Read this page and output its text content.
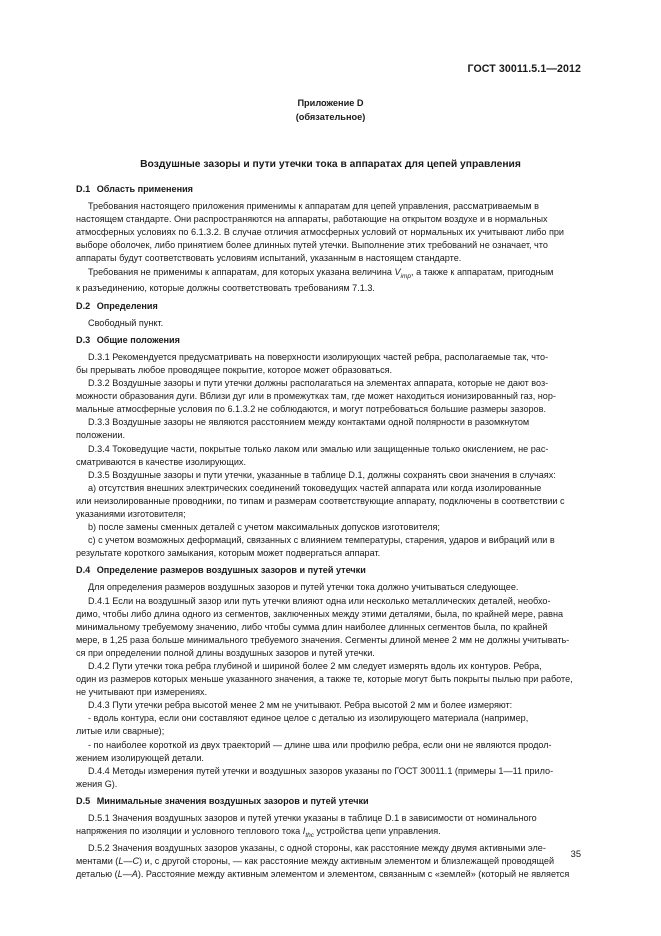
ГОСТ 30011.5.1—2012
Приложение D
(обязательное)
Воздушные зазоры и пути утечки тока в аппаратах для цепей управления
D.1 Область применения

Требования настоящего приложения применимы к аппаратам для цепей управления, рассматриваемым в

настоящем стандарте. Они распространяются на аппараты, работающие на открытом воздухе и в нормальных

атмосферных условиях по 6.1.3.2. В случае отличия атмосферных условий от нормальных их учитывают либо при

выборе оболочек, либо принятием более длинных путей утечки. Выполнение этих требований не означает, что

аппараты будут соответствовать условиям испытаний, указанным в настоящем стандарте.

Требования не применимы к аппаратам, для которых указана величина $V_{imp}$, а также к аппаратам, пригодным

к разъединению, которые должны соответствовать требованиям 7.1.3.

D.2 Определения

Свободный пункт.

D.3 Общие положения

D.3.1 Рекомендуется предусматривать на поверхности изолирующих частей ребра, располагаемые так, что-

бы прерывать любое проводящее покрытие, которое может образоваться.

D.3.2 Воздушные зазоры и пути утечки должны располагаться на элементах аппарата, которые не дают воз-

можности образования дуги. Вблизи дуг или в промежутках там, где может находиться ионизированный газ, нор-

мальные атмосферные условия по 6.1.3.2 не соблюдаются, и могут потребоваться большие размеры зазоров.

D.3.3 Воздушные зазоры не являются расстоянием между контактами одной полярности в разомкнутом

положении.

D.3.4 Токоведущие части, покрытые только лаком или эмалью или защищенные только окислением, не рас-

сматриваются в качестве изолирующих.

D.3.5 Воздушные зазоры и пути утечки, указанные в таблице D.1, должны сохранять свои значения в случаях:

а) отсутствия внешних электрических соединений токоведущих частей аппарата или когда изолированные

или неизолированные проводники, по типам и размерам соответствующие аппарату, подключены в соответствии с

указаниями изготовителя;

b) после замены сменных деталей с учетом максимальных допусков изготовителя;

c) с учетом возможных деформаций, связанных с влиянием температуры, старения, ударов и вибраций или в

результате короткого замыкания, которым может подвергаться аппарат.

D.4 Определение размеров воздушных зазоров и путей утечки

Для определения размеров воздушных зазоров и путей утечки тока должно учитываться следующее.

D.4.1 Если на воздушный зазор или путь утечки влияют одна или несколько металлических деталей, необхо-

димо, чтобы либо длина одного из сегментов, заключенных между этими деталями, была, по крайней мере, равна

минимальному требуемому значению, либо чтобы сумма длин наиболее длинных сегментов была, по крайней

мере, в 1,25 раза больше минимального требуемого значения. Сегменты длиной менее 2 мм не должны учитывать-

ся при определении полной длины воздушных зазоров и путей утечки.

D.4.2 Пути утечки тока ребра глубиной и шириной более 2 мм следует измерять вдоль их контуров. Ребра,

один из размеров которых меньше указанного значения, а также те, которые могут быть покрыты пылью при работе,

не учитывают при измерениях.

D.4.3 Пути утечки ребра высотой менее 2 мм не учитывают. Ребра высотой 2 мм и более измеряют:

- вдоль контура, если они составляют единое целое с деталью из изолирующего материала (например,

литые или сварные);

- по наиболее короткой из двух траекторий — длине шва или профилю ребра, если они не являются продол-

жением изолирующей детали.

D.4.4 Методы измерения путей утечки и воздушных зазоров указаны по ГОСТ 30011.1 (примеры 1—11 прило-

жения G).

D.5 Минимальные значения воздушных зазоров и путей утечки

D.5.1 Значения воздушных зазоров и путей утечки указаны в таблице D.1 в зависимости от номинального

напряжения по изоляции и условного теплового тока $I_{thc}$ устройства цепи управления.

D.5.2 Значения воздушных зазоров указаны, с одной стороны, как расстояние между двумя активными эле-

ментами (L—C) и, с другой стороны, — как расстояние между активным элементом и близлежащей проводящей

деталью (L—A). Расстояние между активным элементом и элементом, связанным с «землей» (который не является

35
